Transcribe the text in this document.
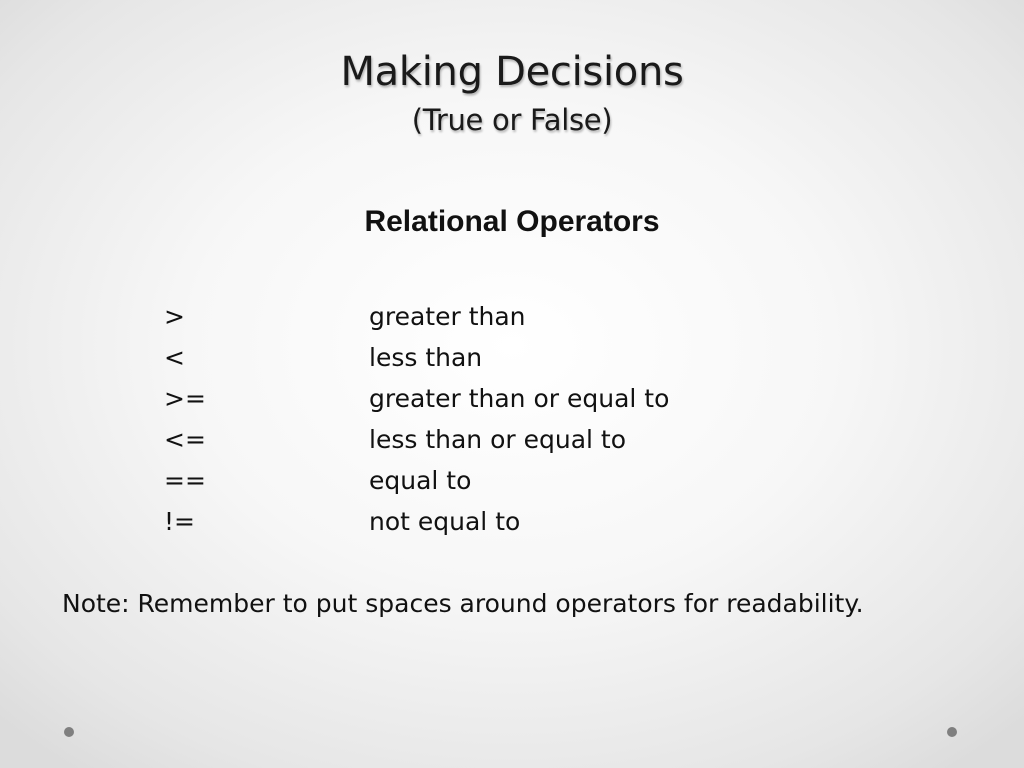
Making Decisions
(True or False)
Relational Operators
>	greater than
<	less than
>=	greater than or equal to
<=	less than or equal to
==	equal to
!=	not equal to
Note: Remember to put spaces around operators for readability.
